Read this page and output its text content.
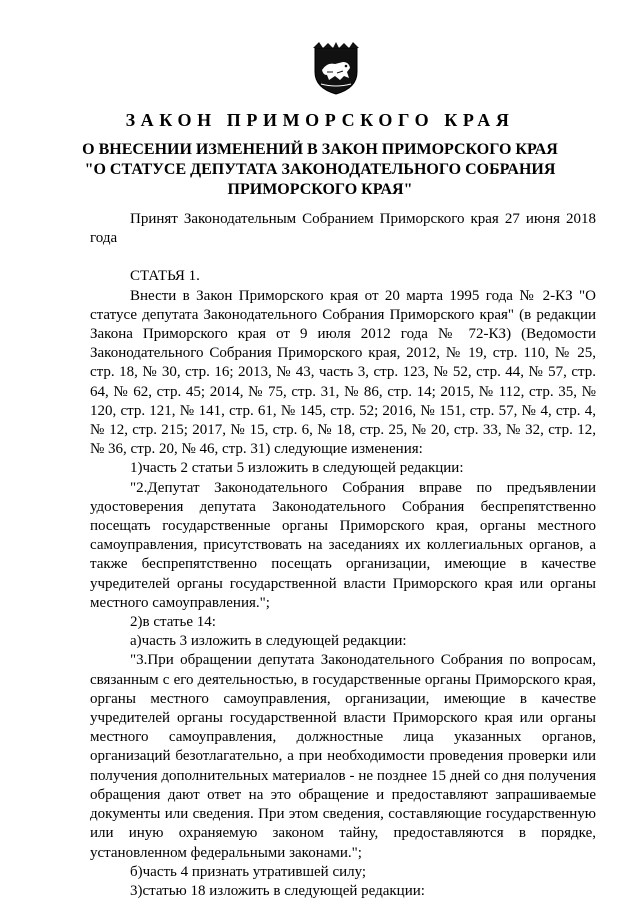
ЗАКОН ПРИМОРСКОГО КРАЯ
О ВНЕСЕНИИ ИЗМЕНЕНИЙ В ЗАКОН ПРИМОРСКОГО КРАЯ
"О СТАТУСЕ ДЕПУТАТА ЗАКОНОДАТЕЛЬНОГО СОБРАНИЯ
ПРИМОРСКОГО КРАЯ"

Принят Законодательным Собранием Приморского края 27 июня 2018 года

СТАТЬЯ 1.

Внести в Закон Приморского края от 20 марта 1995 года № 2-КЗ "О статусе депутата Законодательного Собрания Приморского края" (в редакции Закона Приморского края от 9 июля 2012 года № 72-КЗ) (Ведомости Законодательного Собрания Приморского края, 2012, № 19, стр. 110, № 25, стр. 18, № 30, стр. 16; 2013, № 43, часть 3, стр. 123, № 52, стр. 44, № 57, стр. 64, № 62, стр. 45; 2014, № 75, стр. 31, № 86, стр. 14; 2015, № 112, стр. 35, № 120, стр. 121, № 141, стр. 61, № 145, стр. 52; 2016, № 151, стр. 57, № 4, стр. 4, № 12, стр. 215; 2017, № 15, стр. 6, № 18, стр. 25, № 20, стр. 33, № 32, стр. 12, № 36, стр. 20, № 46, стр. 31) следующие изменения:

1)часть 2 статьи 5 изложить в следующей редакции:

"2.Депутат Законодательного Собрания вправе по предъявлении удостоверения депутата Законодательного Собрания беспрепятственно посещать государственные органы Приморского края, органы местного самоуправления, присутствовать на заседаниях их коллегиальных органов, а также беспрепятственно посещать организации, имеющие в качестве учредителей органы государственной власти Приморского края или органы местного самоуправления.";

2)в статье 14:

а)часть 3 изложить в следующей редакции:

"3.При обращении депутата Законодательного Собрания по вопросам, связанным с его деятельностью, в государственные органы Приморского края, органы местного самоуправления, организации, имеющие в качестве учредителей органы государственной власти Приморского края или органы местного самоуправления, должностные лица указанных органов, организаций безотлагательно, а при необходимости проведения проверки или получения дополнительных материалов - не позднее 15 дней со дня получения обращения дают ответ на это обращение и предоставляют запрашиваемые документы или сведения. При этом сведения, составляющие государственную или иную охраняемую законом тайну, предоставляются в порядке, установленном федеральными законами.";

б)часть 4 признать утратившей силу;

3)статью 18 изложить в следующей редакции:
